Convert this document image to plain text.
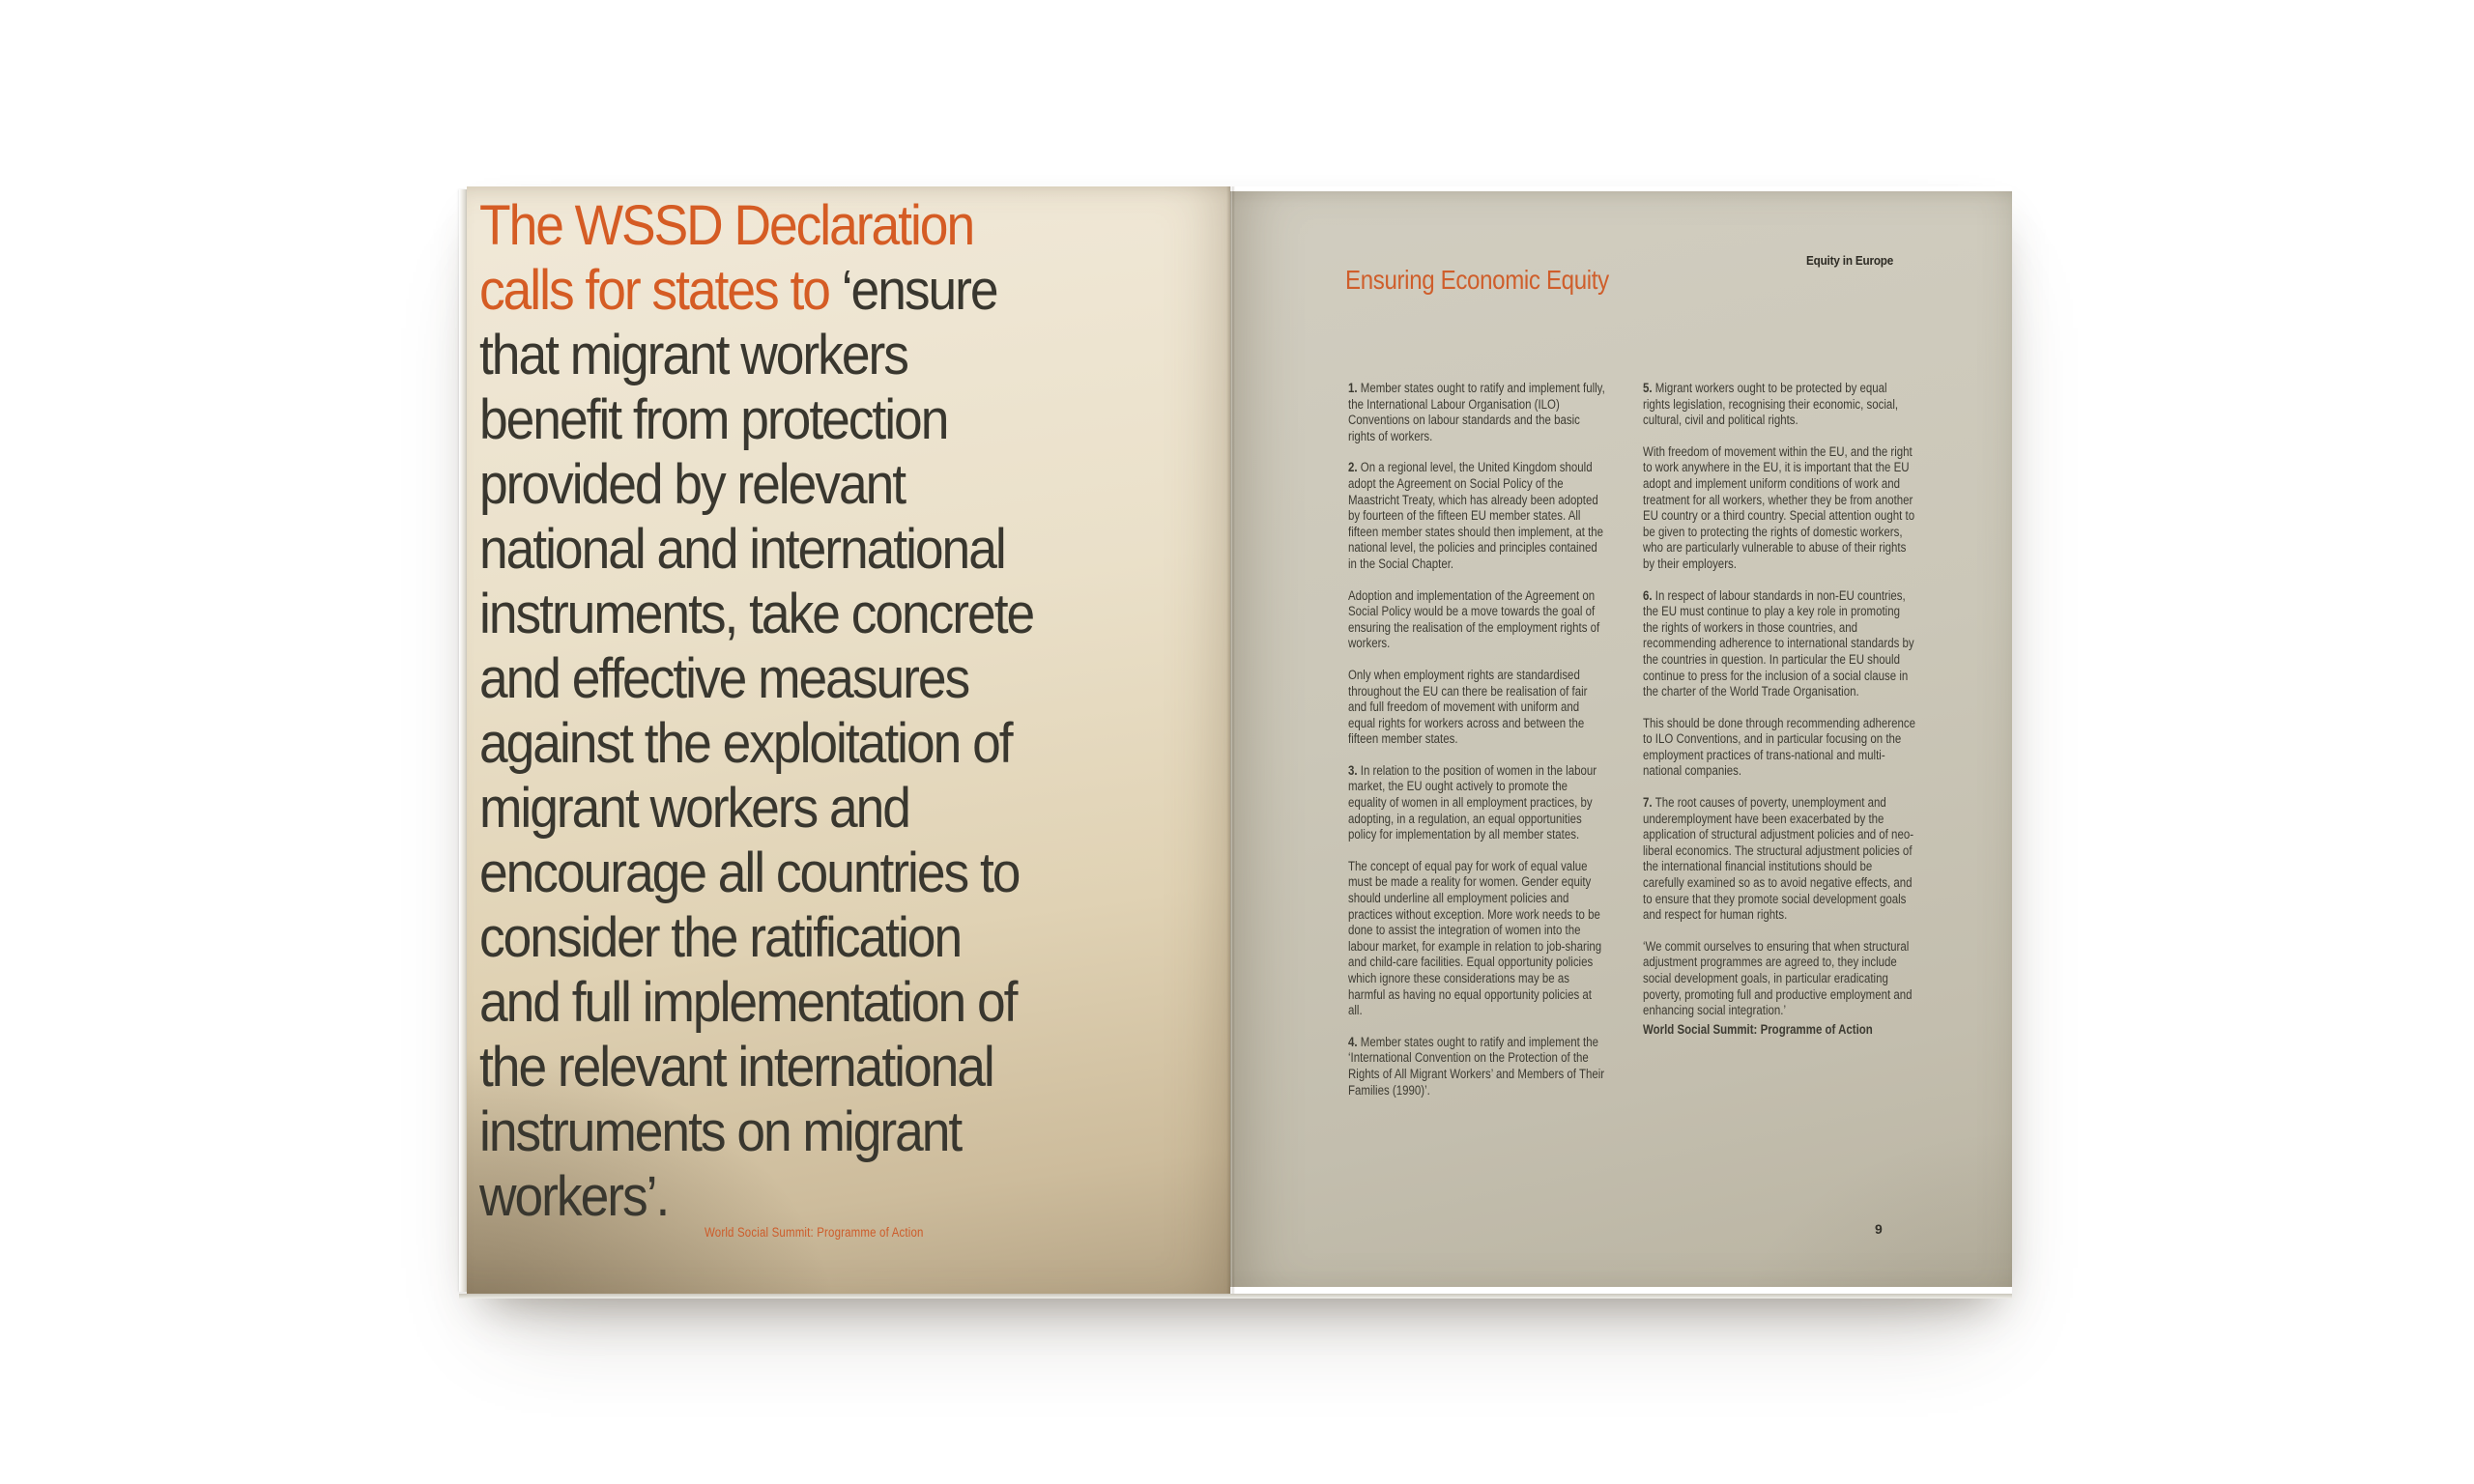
The WSSD Declaration
calls for states to ‘ensure
that migrant workers
benefit from protection
provided by relevant
national and international
instruments, take concrete
and effective measures
against the exploitation of
migrant workers and
encourage all countries to
consider the ratification
and full implementation of
the relevant international
instruments on migrant
workers’.
World Social Summit: Programme of Action
Equity in Europe
Ensuring Economic Equity

1. Member states ought to ratify and implement fully, the International Labour Organisation (ILO) Conventions on labour standards and the basic rights of workers.

2. On a regional level, the United Kingdom should adopt the Agreement on Social Policy of the Maastricht Treaty, which has already been adopted by fourteen of the fifteen EU member states. All fifteen member states should then implement, at the national level, the policies and principles contained in the Social Chapter.

Adoption and implementation of the Agreement on Social Policy would be a move towards the goal of ensuring the realisation of the employment rights of workers.

Only when employment rights are standardised throughout the EU can there be realisation of fair and full freedom of movement with uniform and equal rights for workers across and between the fifteen member states.

3. In relation to the position of women in the labour market, the EU ought actively to promote the equality of women in all employment practices, by adopting, in a regulation, an equal opportunities policy for implementation by all member states.

The concept of equal pay for work of equal value must be made a reality for women. Gender equity should underline all employment policies and practices without exception. More work needs to be done to assist the integration of women into the labour market, for example in relation to job-sharing and child-care facilities. Equal opportunity policies which ignore these considerations may be as harmful as having no equal opportunity policies at all.

4. Member states ought to ratify and implement the ‘International Convention on the Protection of the Rights of All Migrant Workers’ and Members of Their Families (1990)’.

5. Migrant workers ought to be protected by equal rights legislation, recognising their economic, social, cultural, civil and political rights.

With freedom of movement within the EU, and the right to work anywhere in the EU, it is important that the EU adopt and implement uniform conditions of work and treatment for all workers, whether they be from another EU country or a third country. Special attention ought to be given to protecting the rights of domestic workers, who are particularly vulnerable to abuse of their rights by their employers.

6. In respect of labour standards in non-EU countries, the EU must continue to play a key role in promoting the rights of workers in those countries, and recommending adherence to international standards by the countries in question. In particular the EU should continue to press for the inclusion of a social clause in the charter of the World Trade Organisation.

This should be done through recommending adherence to ILO Conventions, and in particular focusing on the employment practices of trans-national and multi-national companies.

7. The root causes of poverty, unemployment and underemployment have been exacerbated by the application of structural adjustment policies and of neo-liberal economics. The structural adjustment policies of the international financial institutions should be carefully examined so as to avoid negative effects, and to ensure that they promote social development goals and respect for human rights.

‘We commit ourselves to ensuring that when structural adjustment programmes are agreed to, they include social development goals, in particular eradicating poverty, promoting full and productive employment and enhancing social integration.’

World Social Summit: Programme of Action

9
